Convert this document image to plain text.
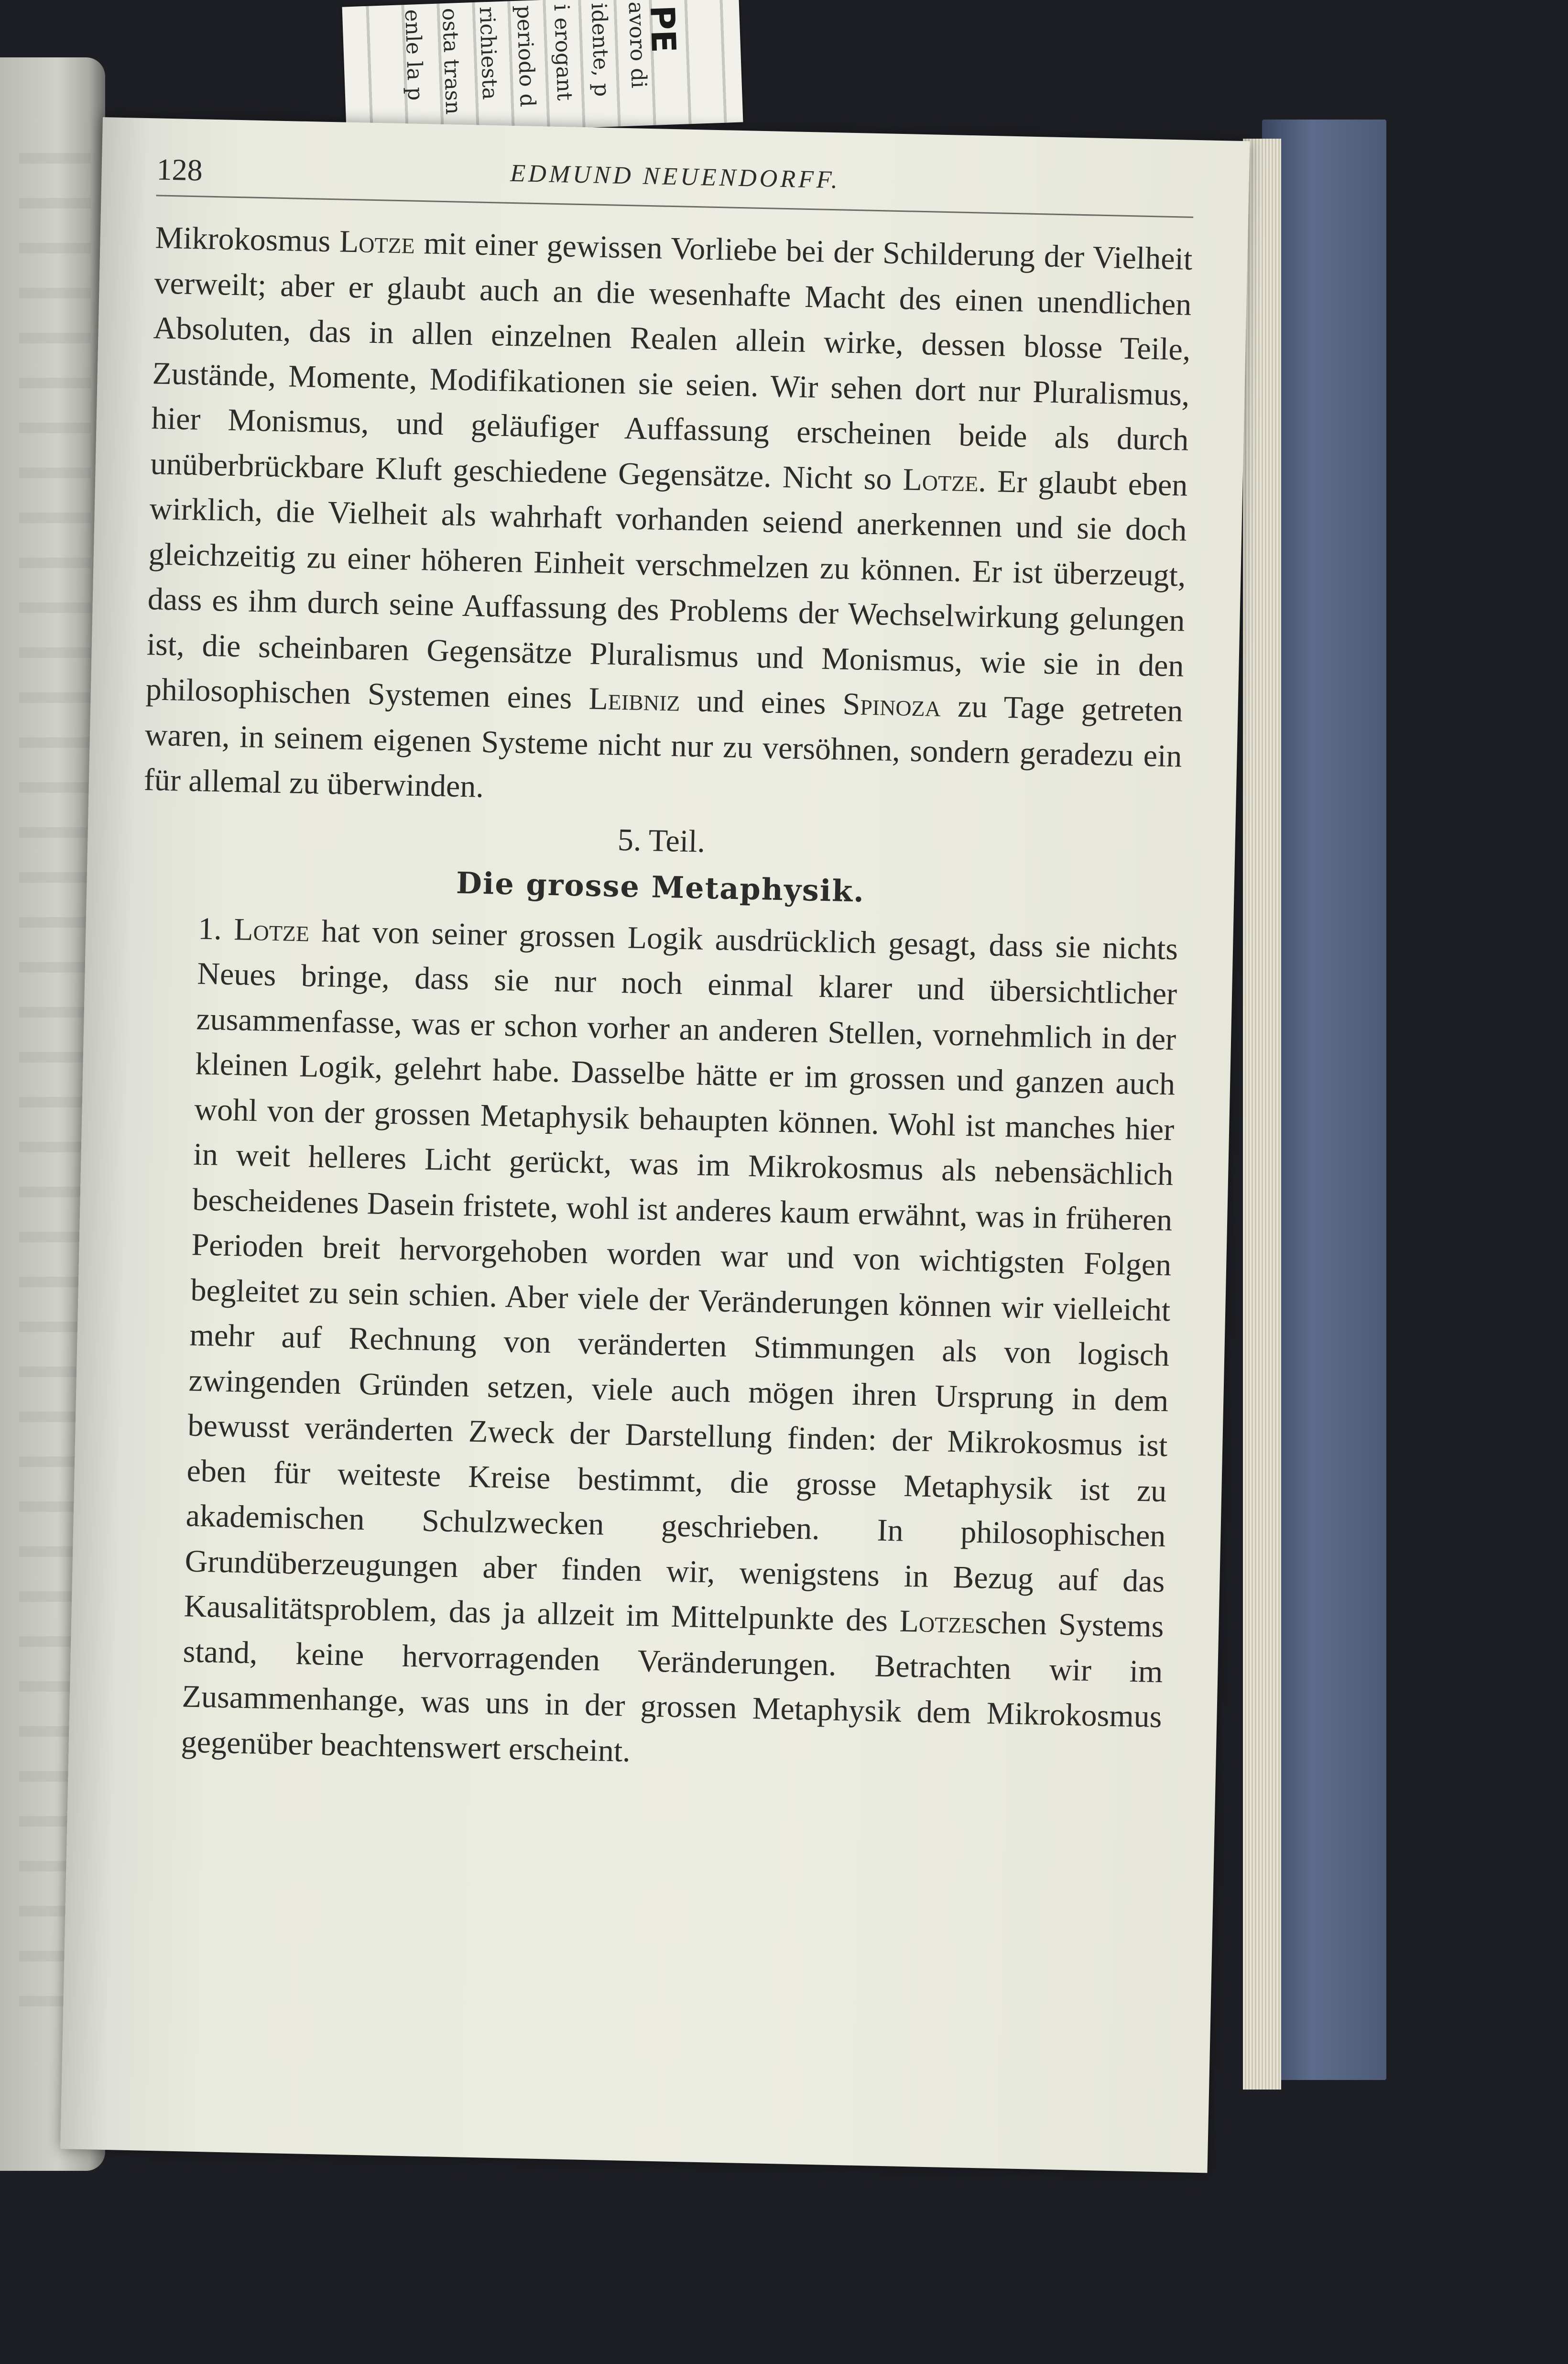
PE
avoro di
idente, p
i erogant
periodo d
richiesta
osta trasn
enle la p
128	EDMUND NEUENDORFF.

Mikrokosmus Lotze mit einer gewissen Vorliebe bei der Schilderung der Vielheit verweilt; aber er glaubt auch an die wesenhafte Macht des einen unendlichen Absoluten, das in allen einzelnen Realen allein wirke, dessen blosse Teile, Zustände, Momente, Modifikationen sie seien. Wir sehen dort nur Pluralismus, hier Monismus, und geläufiger Auffassung erscheinen beide als durch unüberbrückbare Kluft geschiedene Gegensätze. Nicht so Lotze. Er glaubt eben wirklich, die Vielheit als wahrhaft vorhanden seiend anerkennen und sie doch gleichzeitig zu einer höheren Einheit verschmelzen zu können. Er ist überzeugt, dass es ihm durch seine Auffassung des Problems der Wechselwirkung gelungen ist, die scheinbaren Gegensätze Pluralismus und Monismus, wie sie in den philosophischen Systemen eines Leibniz und eines Spinoza zu Tage getreten waren, in seinem eigenen Systeme nicht nur zu versöhnen, sondern geradezu ein für allemal zu überwinden.

5. Teil.
Die grosse Metaphysik.

1. Lotze hat von seiner grossen Logik ausdrücklich gesagt, dass sie nichts Neues bringe, dass sie nur noch einmal klarer und übersichtlicher zusammenfasse, was er schon vorher an anderen Stellen, vornehmlich in der kleinen Logik, gelehrt habe. Dasselbe hätte er im grossen und ganzen auch wohl von der grossen Metaphysik behaupten können. Wohl ist manches hier in weit helleres Licht gerückt, was im Mikrokosmus als nebensächlich bescheidenes Dasein fristete, wohl ist anderes kaum erwähnt, was in früheren Perioden breit hervorgehoben worden war und von wichtigsten Folgen begleitet zu sein schien. Aber viele der Veränderungen können wir vielleicht mehr auf Rechnung von veränderten Stimmungen als von logisch zwingenden Gründen setzen, viele auch mögen ihren Ursprung in dem bewusst veränderten Zweck der Darstellung finden: der Mikrokosmus ist eben für weiteste Kreise bestimmt, die grosse Metaphysik ist zu akademischen Schulzwecken geschrieben. In philosophischen Grundüberzeugungen aber finden wir, wenigstens in Bezug auf das Kausalitätsproblem, das ja allzeit im Mittelpunkte des Lotzeschen Systems stand, keine hervorragenden Veränderungen. Betrachten wir im Zusammenhange, was uns in der grossen Metaphysik dem Mikrokosmus gegenüber beachtenswert erscheint.
